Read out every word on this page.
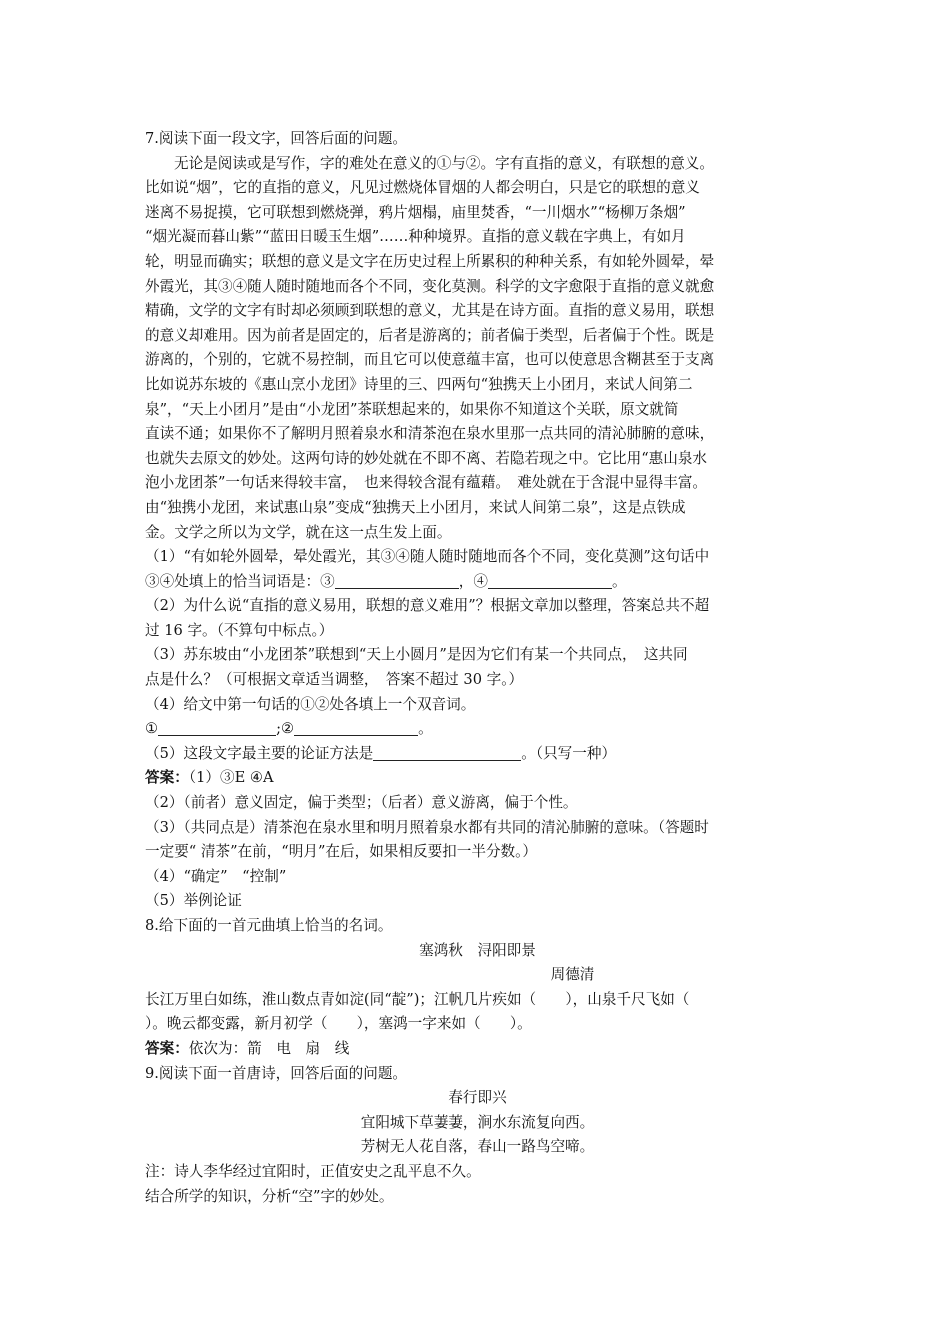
7.阅读下面一段文字，回答后面的问题。
无论是阅读或是写作，字的难处在意义的①与②。字有直指的意义，有联想的意义。
比如说“烟”，它的直指的意义，凡见过燃烧体冒烟的人都会明白，只是它的联想的意义
迷离不易捉摸，它可联想到燃烧弹，鸦片烟榻，庙里焚香，“一川烟水”“杨柳万条烟”
“烟光凝而暮山紫”“蓝田日暖玉生烟”……种种境界。直指的意义载在字典上，有如月
轮，明显而确实；联想的意义是文字在历史过程上所累积的种种关系，有如轮外圆晕，晕
外霞光，其③④随人随时随地而各个不同，变化莫测。科学的文字愈限于直指的意义就愈
精确，文学的文字有时却必须顾到联想的意义，尤其是在诗方面。直指的意义易用，联想
的意义却难用。因为前者是固定的，后者是游离的；前者偏于类型，后者偏于个性。既是
游离的，个别的，它就不易控制，而且它可以使意蕴丰富，也可以使意思含糊甚至于支离
比如说苏东坡的《惠山烹小龙团》诗里的三、四两句“独携天上小团月，来试人间第二
泉”，“天上小团月”是由“小龙团”茶联想起来的，如果你不知道这个关联，原文就简
直读不通；如果你不了解明月照着泉水和清茶泡在泉水里那一点共同的清沁肺腑的意味，
也就失去原文的妙处。这两句诗的妙处就在不即不离、若隐若现之中。它比用“惠山泉水
泡小龙团茶”一句话来得较丰富，　也来得较含混有蕴藉。　难处就在于含混中显得丰富。
由“独携小龙团，来试惠山泉”变成“独携天上小团月，来试人间第二泉”，这是点铁成
金。文学之所以为文学，就在这一点生发上面。
（1）“有如轮外圆晕，晕处霞光，其③④随人随时随地而各个不同，变化莫测”这句话中
③④处填上的恰当词语是：③	，④	。
（2）为什么说“直指的意义易用，联想的意义难用”？根据文章加以整理，答案总共不超
过 16 字。（不算句中标点。）
（3）苏东坡由“小龙团茶”联想到“天上小圆月”是因为它们有某一个共同点，　这共同
点是什么？（可根据文章适当调整，　答案不超过 30 字。）
（4）给文中第一句话的①②处各填上一个双音词。
①	;②	。
（5）这段文字最主要的论证方法是	。（只写一种）
答案：（1）③E ④A
（2）（前者）意义固定，偏于类型；（后者）意义游离，偏于个性。
（3）（共同点是）清茶泡在泉水里和明月照着泉水都有共同的清沁肺腑的意味。（答题时
一定要“ 清茶”在前，“明月”在后，如果相反要扣一半分数。）
（4）“确定”　“控制”
（5）举例论证
8.给下面的一首元曲填上恰当的名词。
塞鸿秋　浔阳即景
周德清
长江万里白如练，淮山数点青如淀(同“靛”)；江帆几片疾如（　　），山泉千尺飞如（
）。晚云都变露，新月初学（　　），塞鸿一字来如（　　）。
答案：依次为：箭　电　扇　线
9.阅读下面一首唐诗，回答后面的问题。
春行即兴
宜阳城下草萋萋，涧水东流复向西。
芳树无人花自落，春山一路鸟空啼。
注：诗人李华经过宜阳时，正值安史之乱平息不久。
结合所学的知识，分析“空”字的妙处。
